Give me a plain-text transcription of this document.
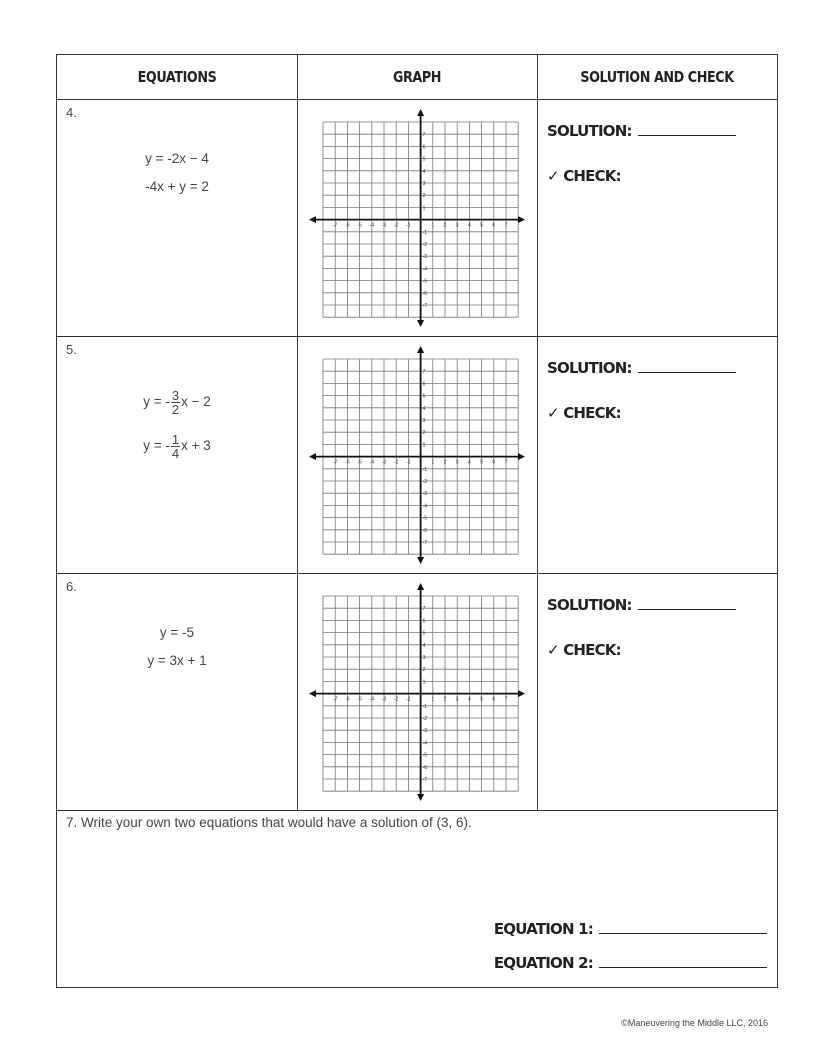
EQUATIONS	GRAPH	SOLUTION AND CHECK
4.
y = -2x − 4
-4x + y = 2
-7
-7
-6
-6
-5
-5
-4
-4
-3
-3
-2
-2
-1
-1
1
1
2
2
3
3
4
4
5
5
6
6
7
7	SOLUTION:
✓ CHECK:
5.
y = - $\frac{3}{2}$ x − 2
y = - $\frac{1}{4}$ x + 3
-7
-7
-6
-6
-5
-5
-4
-4
-3
-3
-2
-2
-1
-1
1
1
2
2
3
3
4
4
5
5
6
6
7
7	SOLUTION:
✓ CHECK:
6.
y = -5
y = 3x + 1
-7
-7
-6
-6
-5
-5
-4
-4
-3
-3
-2
-2
-1
-1
1
1
2
2
3
3
4
4
5
5
6
6
7
7	SOLUTION:
✓ CHECK:
7. Write your own two equations that would have a solution of (3, 6).
EQUATION 1:
EQUATION 2:
©Maneuvering the Middle LLC, 2016
